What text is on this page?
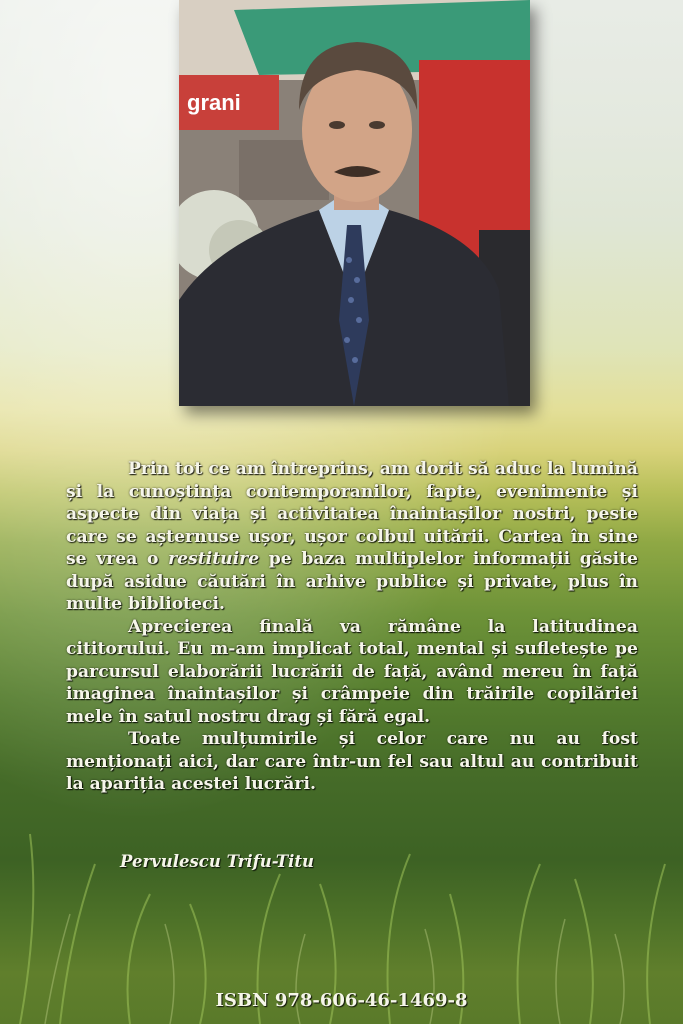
grani

Prin tot ce am întreprins, am dorit să aduc la lumină și la cunoștința contemporanilor, fapte, evenimente și aspecte din viața și activitatea înaintașilor nostri, peste care se așternuse ușor, ușor colbul uitării. Cartea în sine se vrea o restituire pe baza multiplelor informații găsite după asidue căutări în arhive publice și private, plus în multe biblioteci.

Aprecierea finală va rămâne la latitudinea cititorului. Eu m-am implicat total, mental și sufletește pe parcursul elaborării lucrării de față, având mereu în față imaginea înaintașilor și crâmpeie din trăirile copilăriei mele în satul nostru drag și fără egal.

Toate mulțumirile și celor care nu au fost menționați aici, dar care într-un fel sau altul au contribuit la apariția acestei lucrări.

Pervulescu Trifu-Titu
ISBN 978-606-46-1469-8
